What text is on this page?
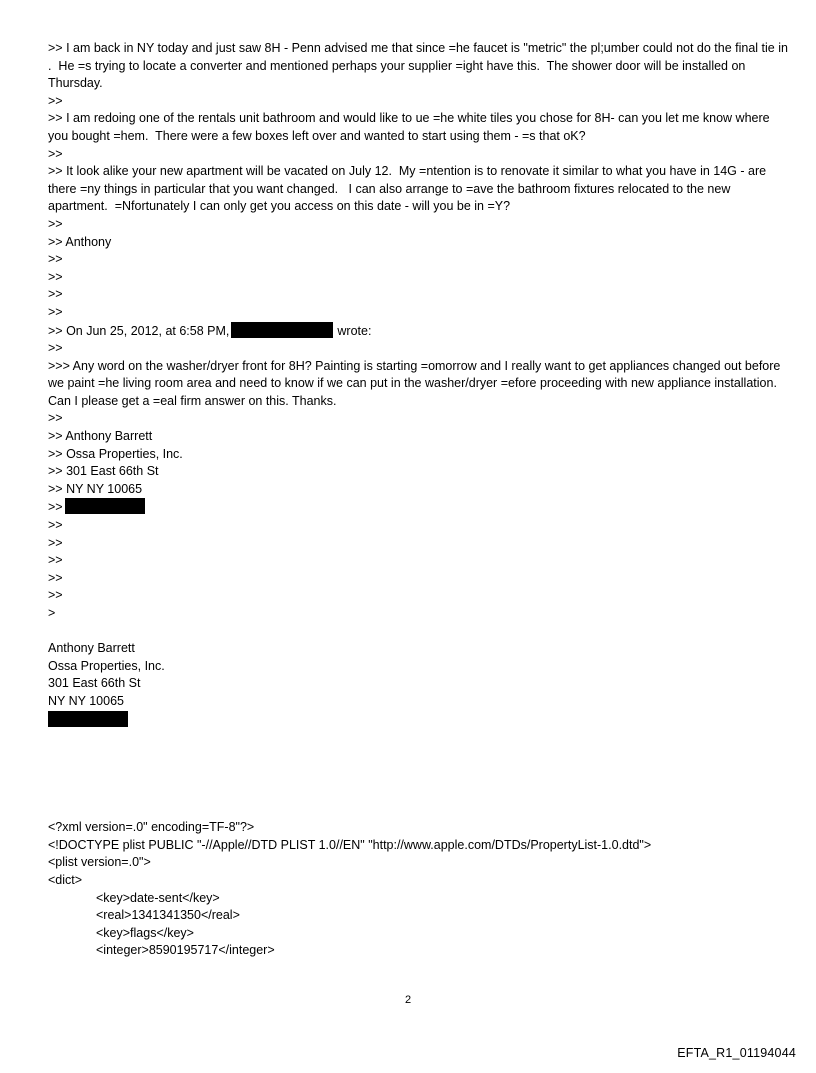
>> I am back in NY today and just saw 8H - Penn advised me that since =he faucet is "metric" the pl;umber could not do the final tie in .  He =s trying to locate a converter and mentioned perhaps your supplier =ight have this.  The shower door will be installed on Thursday.
>>
>> I am redoing one of the rentals unit bathroom and would like to ue =he white tiles you chose for 8H- can you let me know where you bought =hem.  There were a few boxes left over and wanted to start using them - =s that oK?
>>
>> It look alike your new apartment will be vacated on July 12.  My =ntention is to renovate it similar to what you have in 14G - are there =ny things in particular that you want changed.   I can also arrange to =ave the bathroom fixtures relocated to the new apartment.  =Nfortunately I can only get you access on this date - will you be in =Y?
>>
>> Anthony
>>
>>
>>
>>
>> On Jun 25, 2012, at 6:58 PM,	wrote:
>>
>>> Any word on the washer/dryer front for 8H? Painting is starting =omorrow and I really want to get appliances changed out before we paint =he living room area and need to know if we can put in the washer/dryer =efore proceeding with new appliance installation. Can I please get a =eal firm answer on this. Thanks.
>>
>> Anthony Barrett
>> Ossa Properties, Inc.
>> 301 East 66th St
>> NY NY 10065
>>
>>
>>
>>
>>
>>
>
Anthony Barrett
Ossa Properties, Inc.
301 East 66th St
NY NY 10065
<?xml version=.0" encoding=TF-8"?>
<!DOCTYPE plist PUBLIC "-//Apple//DTD PLIST 1.0//EN" "http://www.apple.com/DTDs/PropertyList-1.0.dtd">
<plist version=.0">
<dict>
<key>date-sent</key>
<real>1341341350</real>
<key>flags</key>
<integer>8590195717</integer>
2
EFTA_R1_01194044
